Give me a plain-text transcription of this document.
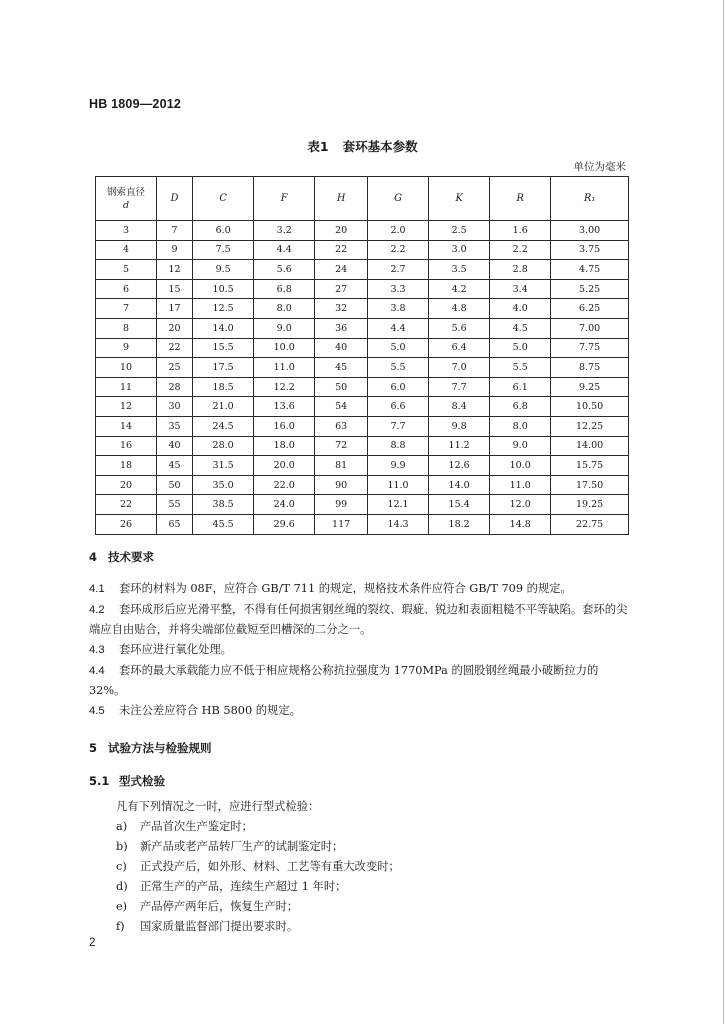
HB 1809—2012
表1 套环基本参数
单位为毫米
钢索直径
d	D	C	F	H	G	K	R	R₁
3	7	6.0	3.2	20	2.0	2.5	1.6	3.00
4	9	7.5	4.4	22	2.2	3.0	2.2	3.75
5	12	9.5	5.6	24	2.7	3.5	2.8	4.75
6	15	10.5	6.8	27	3.3	4.2	3.4	5.25
7	17	12.5	8.0	32	3.8	4.8	4.0	6.25
8	20	14.0	9.0	36	4.4	5.6	4.5	7.00
9	22	15.5	10.0	40	5.0	6.4	5.0	7.75
10	25	17.5	11.0	45	5.5	7.0	5.5	8.75
11	28	18.5	12.2	50	6.0	7.7	6.1	9.25
12	30	21.0	13.6	54	6.6	8.4	6.8	10.50
14	35	24.5	16.0	63	7.7	9.8	8.0	12.25
16	40	28.0	18.0	72	8.8	11.2	9.0	14.00
18	45	31.5	20.0	81	9.9	12.6	10.0	15.75
20	50	35.0	22.0	90	11.0	14.0	11.0	17.50
22	55	38.5	24.0	99	12.1	15.4	12.0	19.25
26	65	45.5	29.6	117	14.3	18.2	14.8	22.75
4 技术要求
4.1 套环的材料为 08F，应符合 GB/T 711 的规定，规格技术条件应符合 GB/T 709 的规定。
4.2 套环成形后应光滑平整，不得有任何损害钢丝绳的裂纹、瑕疵、锐边和表面粗糙不平等缺陷。套环的尖端应自由贴合，并将尖端部位截短至凹槽深的二分之一。
4.3 套环应进行氧化处理。
4.4 套环的最大承载能力应不低于相应规格公称抗拉强度为 1770MPa 的圆股钢丝绳最小破断拉力的 32%。
4.5 未注公差应符合 HB 5800 的规定。
5 试验方法与检验规则
5.1 型式检验
凡有下列情况之一时，应进行型式检验：
a) 产品首次生产鉴定时；
b) 新产品或老产品转厂生产的试制鉴定时；
c) 正式投产后，如外形、材料、工艺等有重大改变时；
d) 正常生产的产品，连续生产超过 1 年时；
e) 产品停产两年后，恢复生产时；
f) 国家质量监督部门提出要求时。
2
